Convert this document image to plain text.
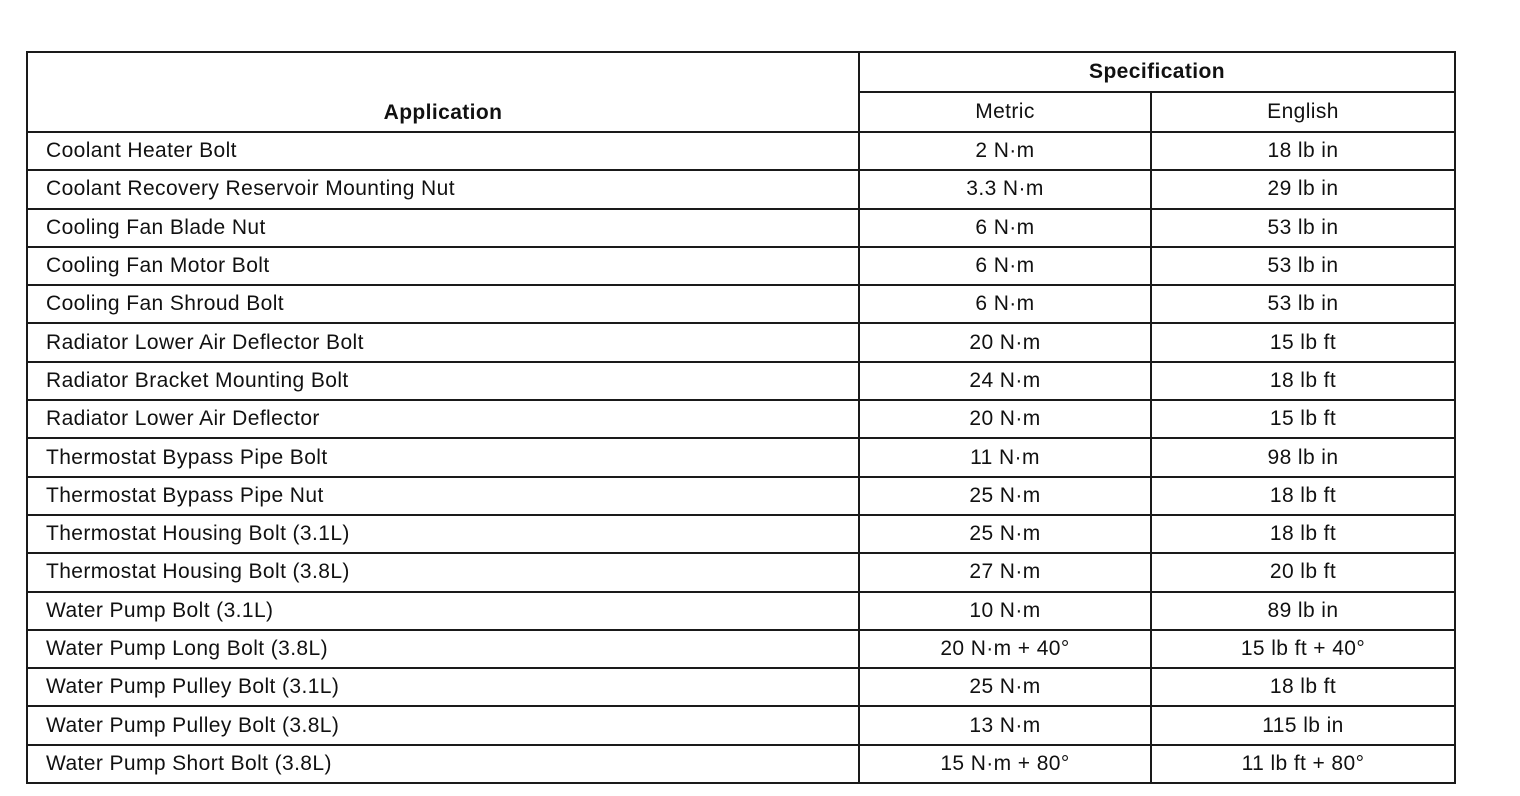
Application	Specification	
	Metric	English
Coolant Heater Bolt	2 N·m	18 lb in
Coolant Recovery Reservoir Mounting Nut	3.3 N·m	29 lb in
Cooling Fan Blade Nut	6 N·m	53 lb in
Cooling Fan Motor Bolt	6 N·m	53 lb in
Cooling Fan Shroud Bolt	6 N·m	53 lb in
Radiator Lower Air Deflector Bolt	20 N·m	15 lb ft
Radiator Bracket Mounting Bolt	24 N·m	18 lb ft
Radiator Lower Air Deflector	20 N·m	15 lb ft
Thermostat Bypass Pipe Bolt	11 N·m	98 lb in
Thermostat Bypass Pipe Nut	25 N·m	18 lb ft
Thermostat Housing Bolt (3.1L)	25 N·m	18 lb ft
Thermostat Housing Bolt (3.8L)	27 N·m	20 lb ft
Water Pump Bolt (3.1L)	10 N·m	89 lb in
Water Pump Long Bolt (3.8L)	20 N·m + 40°	15 lb ft + 40°
Water Pump Pulley Bolt (3.1L)	25 N·m	18 lb ft
Water Pump Pulley Bolt (3.8L)	13 N·m	115 lb in
Water Pump Short Bolt (3.8L)	15 N·m + 80°	11 lb ft + 80°
